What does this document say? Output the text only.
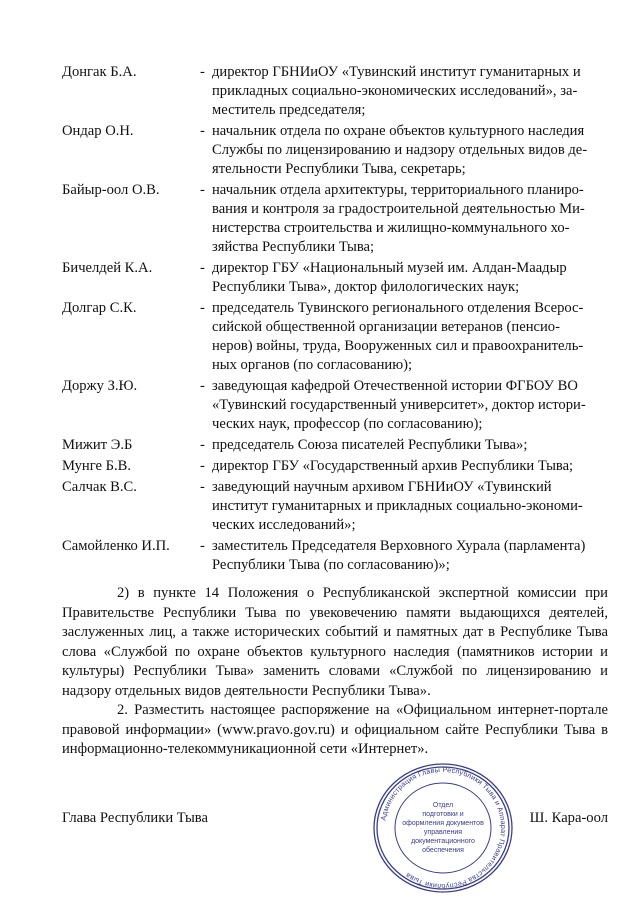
Донгак Б.А.	- директор ГБНИиОУ «Тувинский институт гуманитарных и
прикладных социально-экономических исследований», за-
меститель председателя;
Ондар О.Н.	- начальник отдела по охране объектов культурного наследия
Службы по лицензированию и надзору отдельных видов де-
ятельности Республики Тыва, секретарь;
Байыр-оол О.В.	- начальник отдела архитектуры, территориального планиро-
вания и контроля за градостроительной деятельностью Ми-
нистерства строительства и жилищно-коммунального хо-
зяйства Республики Тыва;
Бичелдей К.А.	- директор ГБУ «Национальный музей им. Алдан-Маадыр
Республики Тыва», доктор филологических наук;
Долгар С.К.	- председатель Тувинского регионального отделения Всерос-
сийской общественной организации ветеранов (пенсио-
неров) войны, труда, Вооруженных сил и правоохранитель-
ных органов (по согласованию);
Доржу З.Ю.	- заведующая кафедрой Отечественной истории ФГБОУ ВО
«Тувинский государственный университет», доктор истори-
ческих наук, профессор (по согласованию);
Мижит Э.Б	- председатель Союза писателей Республики Тыва»;
Мунге Б.В.	- директор ГБУ «Государственный архив Республики Тыва;
Салчак В.С.	- заведующий научным архивом ГБНИиОУ «Тувинский
институт гуманитарных и прикладных социально-экономи-
ческих исследований»;
Самойленко И.П.	- заместитель Председателя Верховного Хурала (парламента)
Республики Тыва (по согласованию)»;

2) в пункте 14 Положения о Республиканской экспертной комиссии при Правительстве Республики Тыва по увековечению памяти выдающихся деятелей, заслуженных лиц, а также исторических событий и памятных дат в Республике Тыва слова «Службой по охране объектов культурного наследия (памятников истории и культуры) Республики Тыва» заменить словами «Службой по лицензированию и надзору отдельных видов деятельности Республики Тыва».

2. Разместить настоящее распоряжение на «Официальном интернет-портале правовой информации» (www.pravo.gov.ru) и официальном сайте Республики Тыва в информационно-телекоммуникационной сети «Интернет».

Глава Республики Тыва	Ш. Кара-оол
Администрация Главы Республики Тыва и Аппарат Правительства Республики Тыва
Отдел
подготовки и
оформления документов
управления
документационного
обеспечения
